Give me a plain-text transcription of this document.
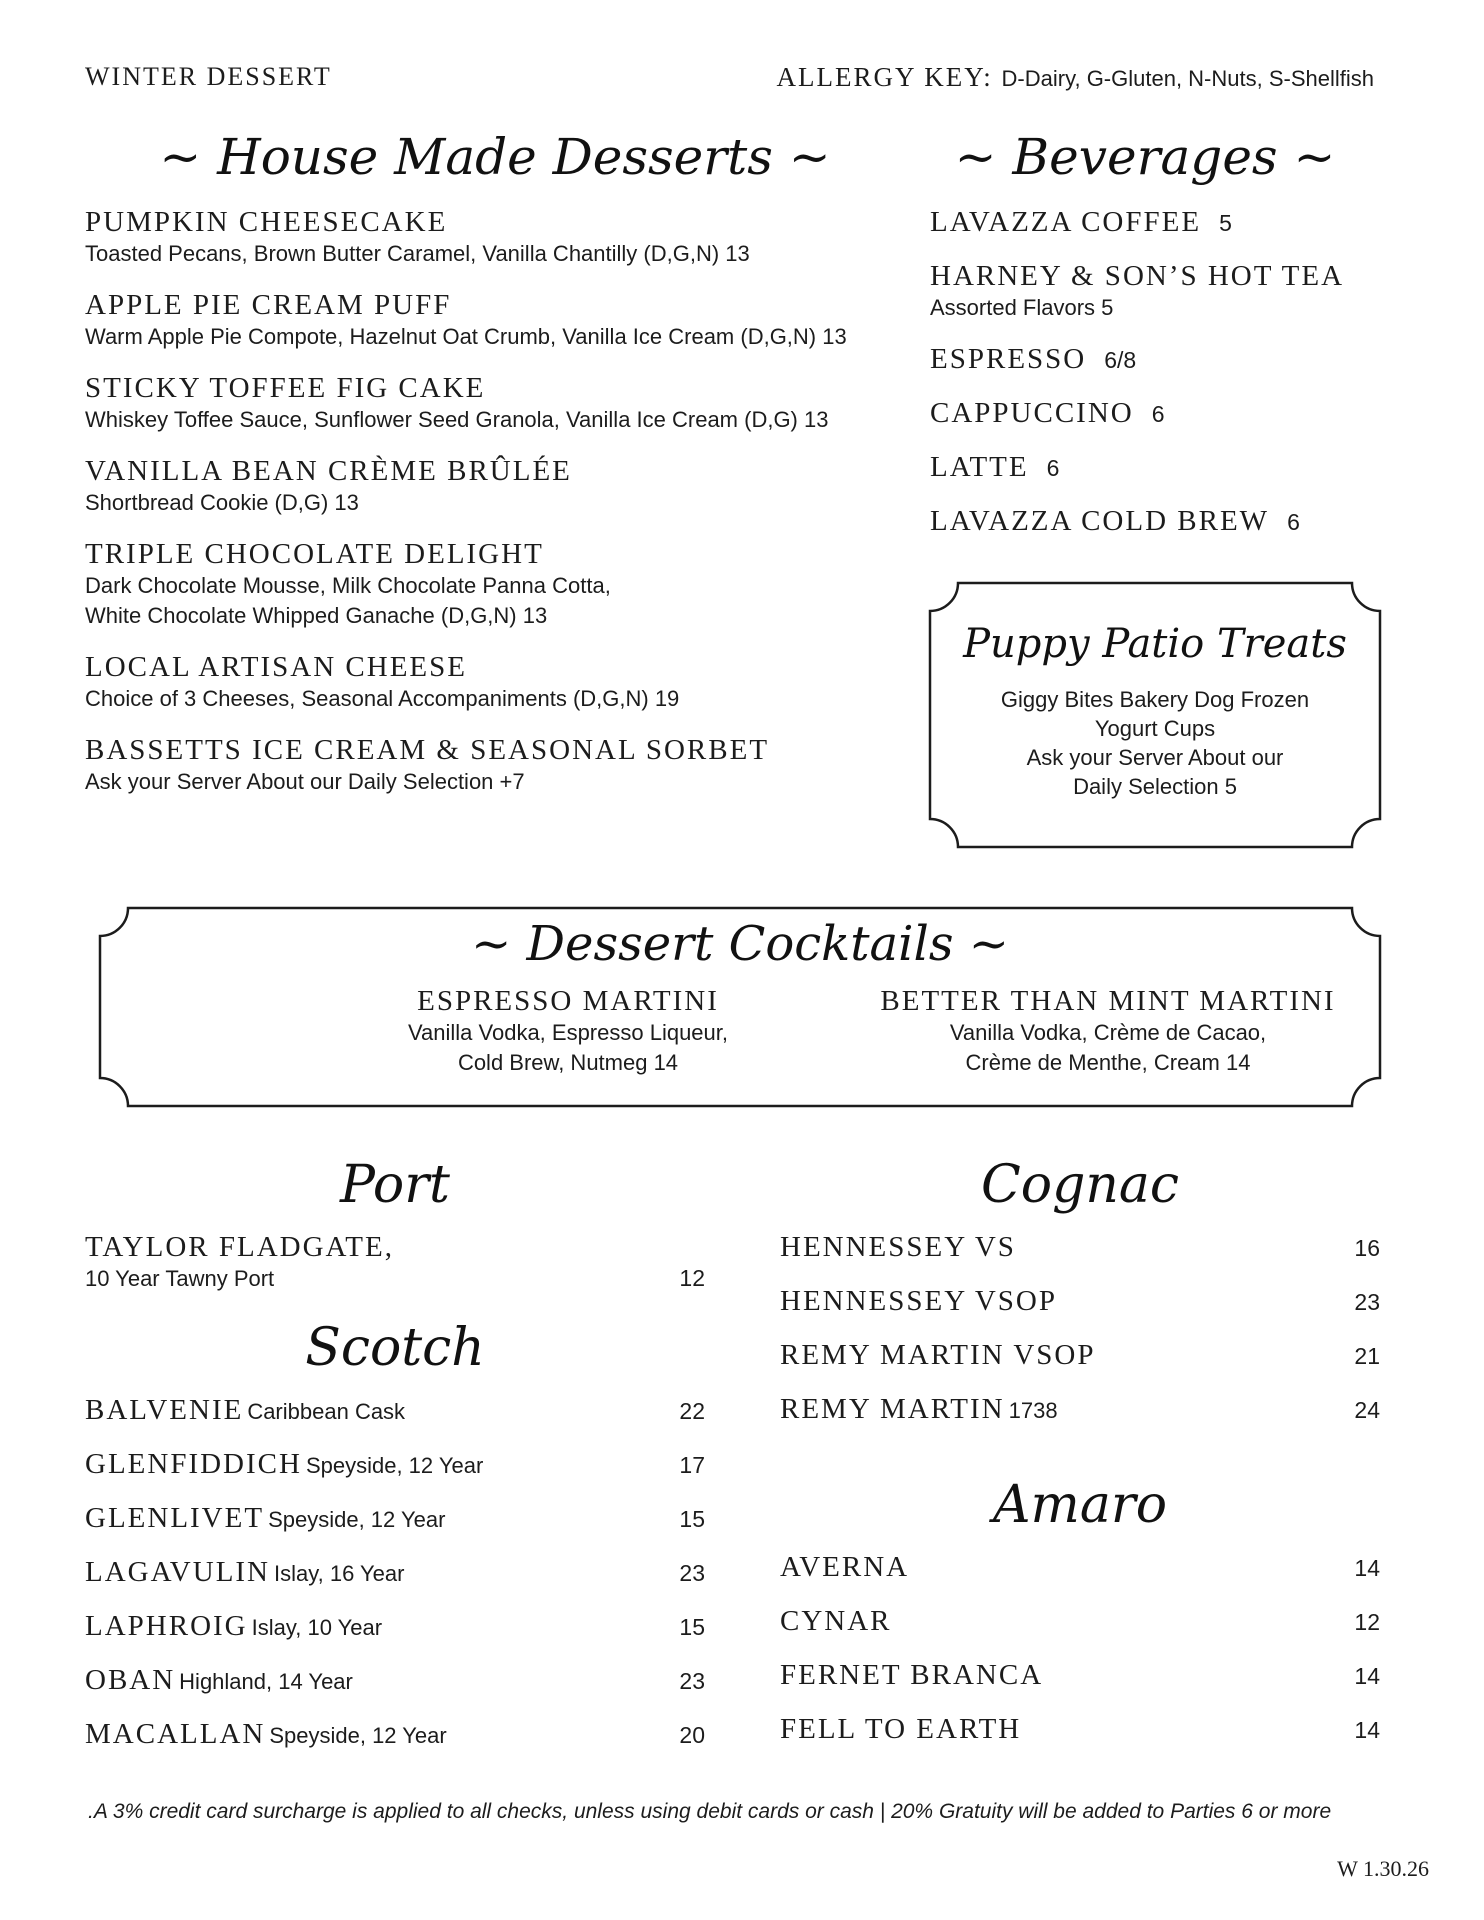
WINTER DESSERT	ALLERGY KEY: D-Dairy, G-Gluten, N-Nuts, S-Shellfish
~ House Made Desserts ~
PUMPKIN CHEESECAKE
Toasted Pecans, Brown Butter Caramel, Vanilla Chantilly (D,G,N) 13
APPLE PIE CREAM PUFF
Warm Apple Pie Compote, Hazelnut Oat Crumb, Vanilla Ice Cream (D,G,N) 13
STICKY TOFFEE FIG CAKE
Whiskey Toffee Sauce, Sunflower Seed Granola, Vanilla Ice Cream (D,G) 13
VANILLA BEAN CRÈME BRÛLÉE
Shortbread Cookie (D,G) 13
TRIPLE CHOCOLATE DELIGHT
Dark Chocolate Mousse, Milk Chocolate Panna Cotta,
White Chocolate Whipped Ganache (D,G,N) 13
LOCAL ARTISAN CHEESE
Choice of 3 Cheeses, Seasonal Accompaniments (D,G,N) 19
BASSETTS ICE CREAM & SEASONAL SORBET
Ask your Server About our Daily Selection +7
~ Beverages ~
LAVAZZA COFFEE 5
HARNEY & SON’S HOT TEA
Assorted Flavors 5
ESPRESSO 6/8
CAPPUCCINO 6
LATTE 6
LAVAZZA COLD BREW 6
Puppy Patio Treats
Giggy Bites Bakery Dog Frozen
Yogurt Cups
Ask your Server About our
Daily Selection 5
~ Dessert Cocktails ~
ESPRESSO MARTINI
Vanilla Vodka, Espresso Liqueur,
Cold Brew, Nutmeg 14
BETTER THAN MINT MARTINI
Vanilla Vodka, Crème de Cacao,
Crème de Menthe, Cream 14
Port
TAYLOR FLADGATE,
10 Year Tawny Port	12
Scotch
BALVENIE Caribbean Cask	22
GLENFIDDICH Speyside, 12 Year	17
GLENLIVET Speyside, 12 Year	15
LAGAVULIN Islay, 16 Year	23
LAPHROIG Islay, 10 Year	15
OBAN Highland, 14 Year	23
MACALLAN Speyside, 12 Year	20
Cognac
HENNESSEY VS	16
HENNESSEY VSOP	23
REMY MARTIN VSOP	21
REMY MARTIN 1738	24
Amaro
AVERNA	14
CYNAR	12
FERNET BRANCA	14
FELL TO EARTH	14
.A 3% credit card surcharge is applied to all checks, unless using debit cards or cash | 20% Gratuity will be added to Parties 6 or more
W 1.30.26
